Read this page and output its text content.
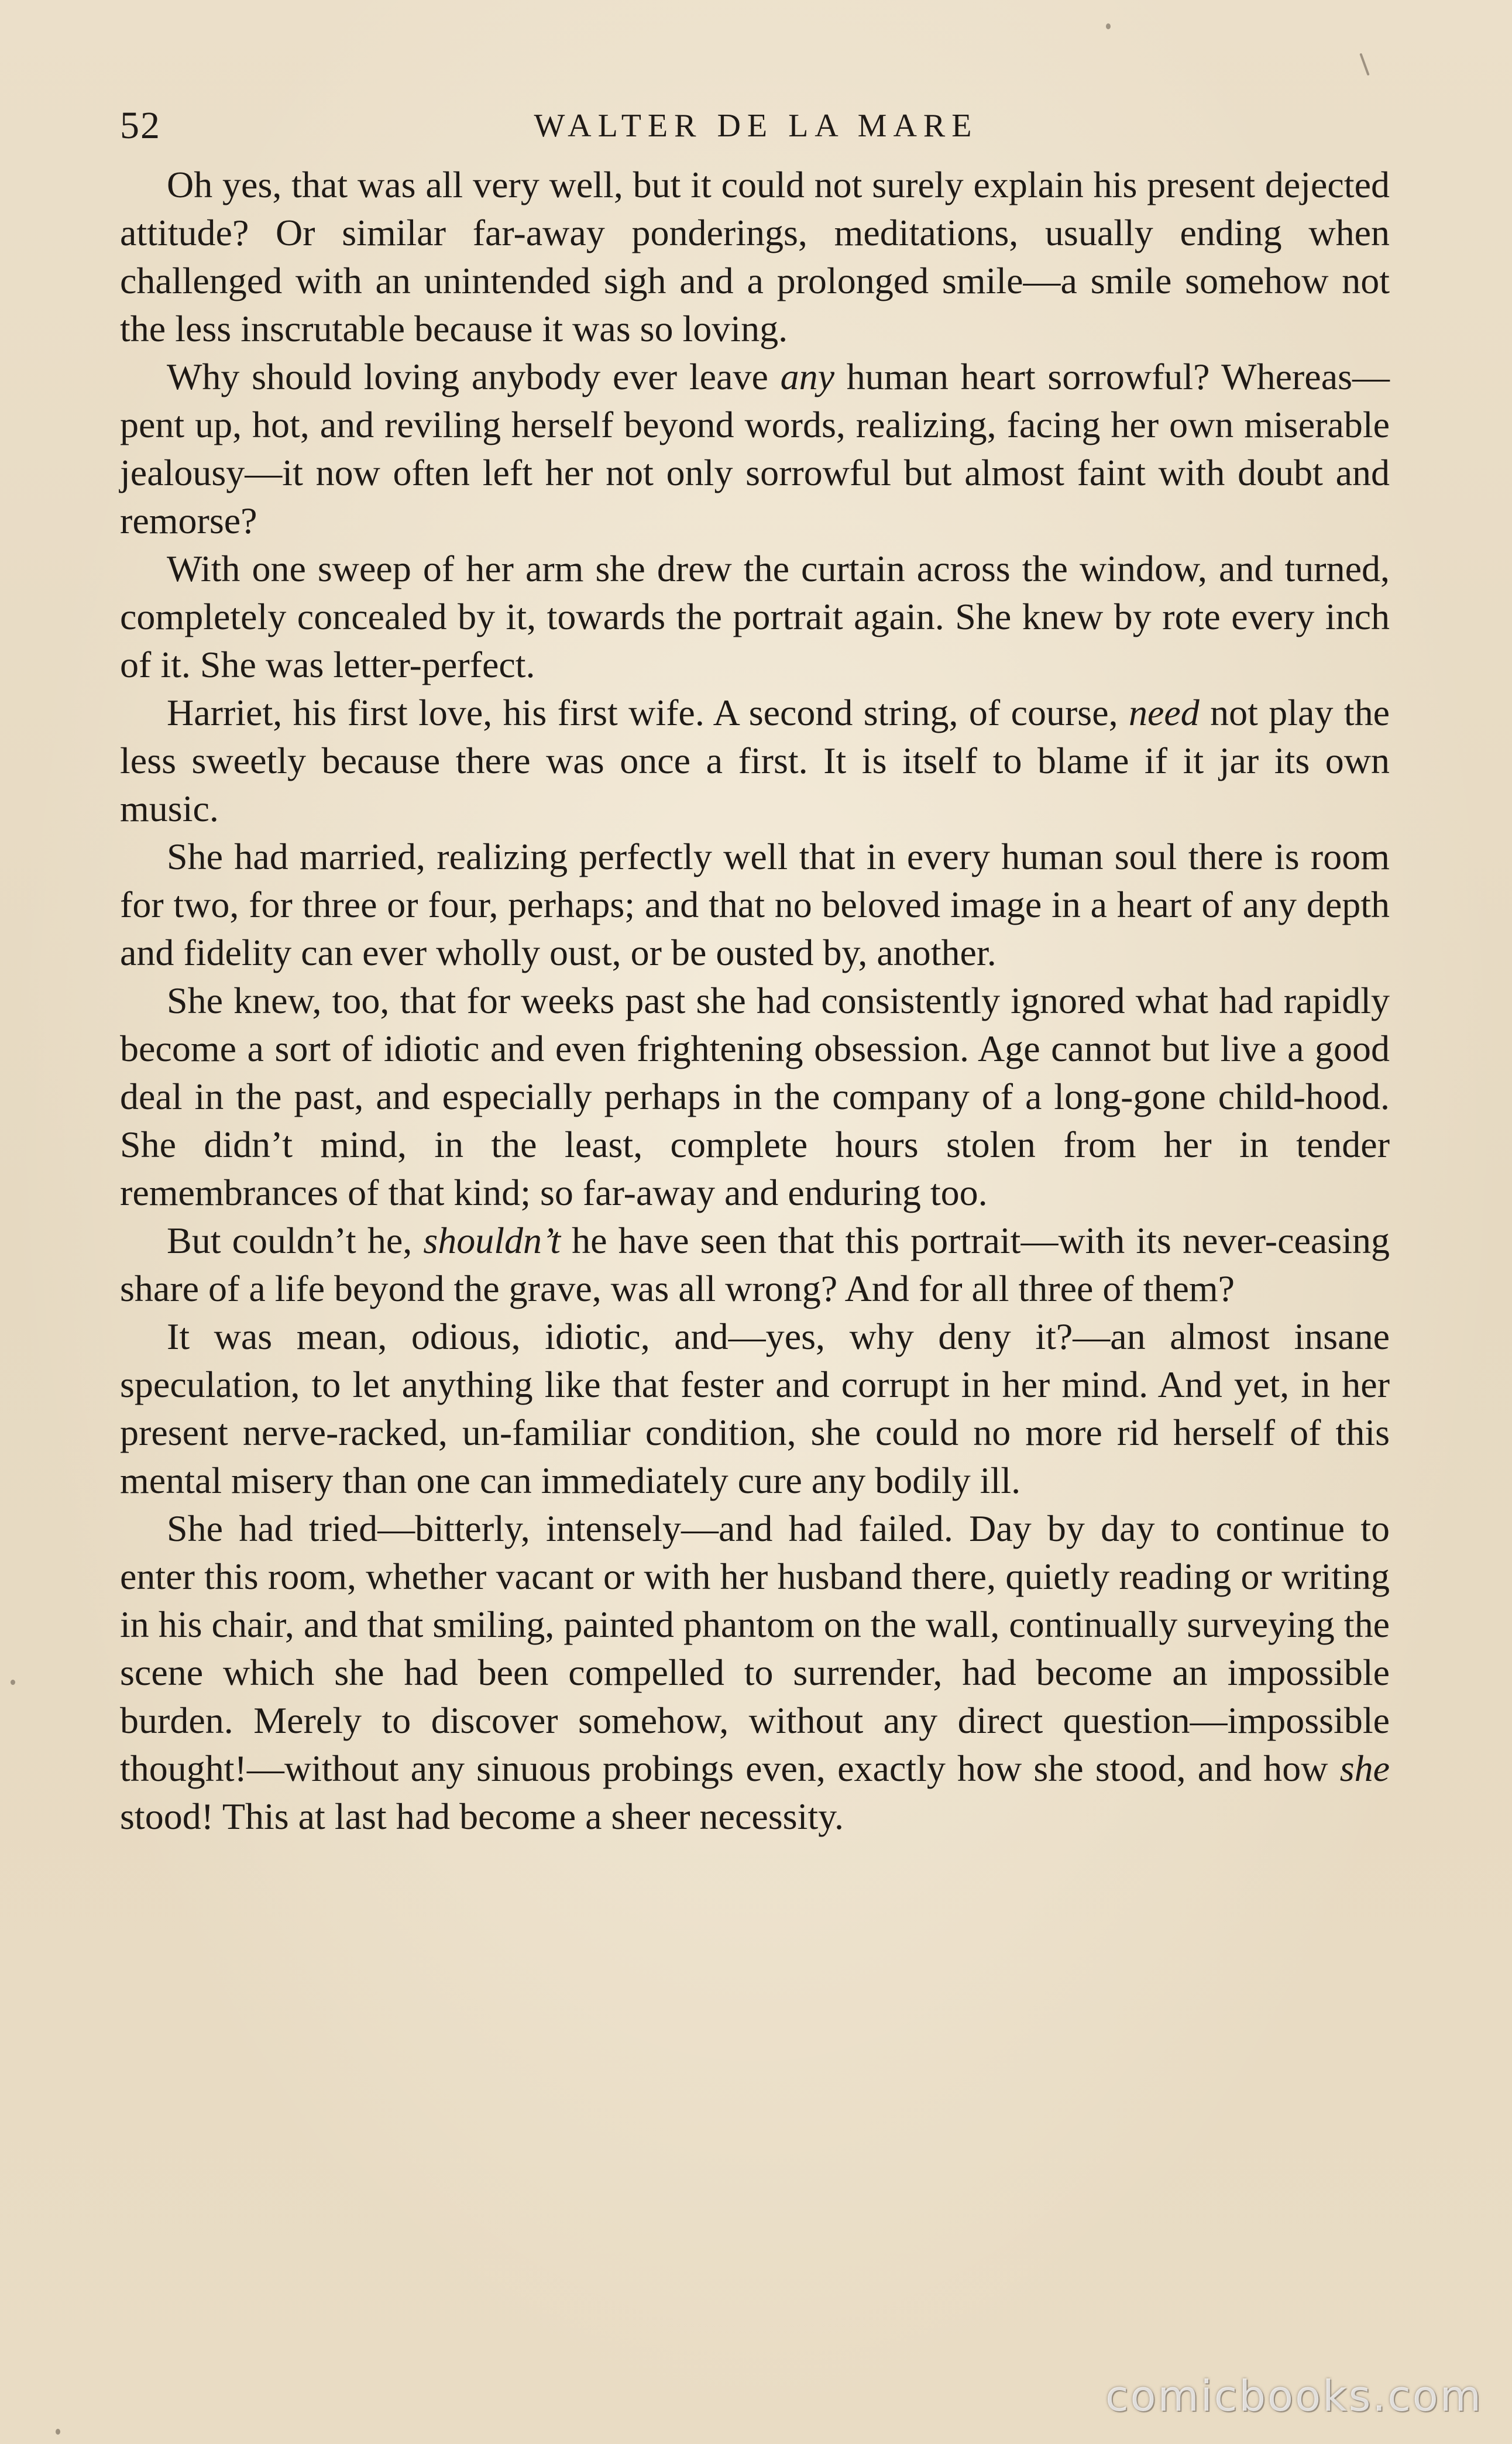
52	WALTER DE LA MARE

Oh yes, that was all very well, but it could not surely explain his present dejected attitude? Or similar far-away ponderings, meditations, usually ending when challenged with an unintended sigh and a prolonged smile—a smile somehow not the less inscrutable because it was so loving.

Why should loving anybody ever leave any human heart sorrowful? Whereas—pent up, hot, and reviling herself beyond words, realizing, facing her own miserable jealousy—it now often left her not only sorrowful but almost faint with doubt and remorse?

With one sweep of her arm she drew the curtain across the window, and turned, completely concealed by it, towards the portrait again. She knew by rote every inch of it. She was letter-perfect.

Harriet, his first love, his first wife. A second string, of course, need not play the less sweetly because there was once a first. It is itself to blame if it jar its own music.

She had married, realizing perfectly well that in every human soul there is room for two, for three or four, perhaps; and that no beloved image in a heart of any depth and fidelity can ever wholly oust, or be ousted by, another.

She knew, too, that for weeks past she had consistently ignored what had rapidly become a sort of idiotic and even frightening obsession. Age cannot but live a good deal in the past, and especially perhaps in the company of a long-gone child-hood. She didn’t mind, in the least, complete hours stolen from her in tender remembrances of that kind; so far-away and enduring too.

But couldn’t he, shouldn’t he have seen that this portrait—with its never-ceasing share of a life beyond the grave, was all wrong? And for all three of them?

It was mean, odious, idiotic, and—yes, why deny it?—an almost insane speculation, to let anything like that fester and corrupt in her mind. And yet, in her present nerve-racked, un-familiar condition, she could no more rid herself of this mental misery than one can immediately cure any bodily ill.

She had tried—bitterly, intensely—and had failed. Day by day to continue to enter this room, whether vacant or with her husband there, quietly reading or writing in his chair, and that smiling, painted phantom on the wall, continually surveying the scene which she had been compelled to surrender, had become an impossible burden. Merely to discover somehow, without any direct question—impossible thought!—without any sinuous probings even, exactly how she stood, and how she stood! This at last had become a sheer necessity.

comicbooks.com
